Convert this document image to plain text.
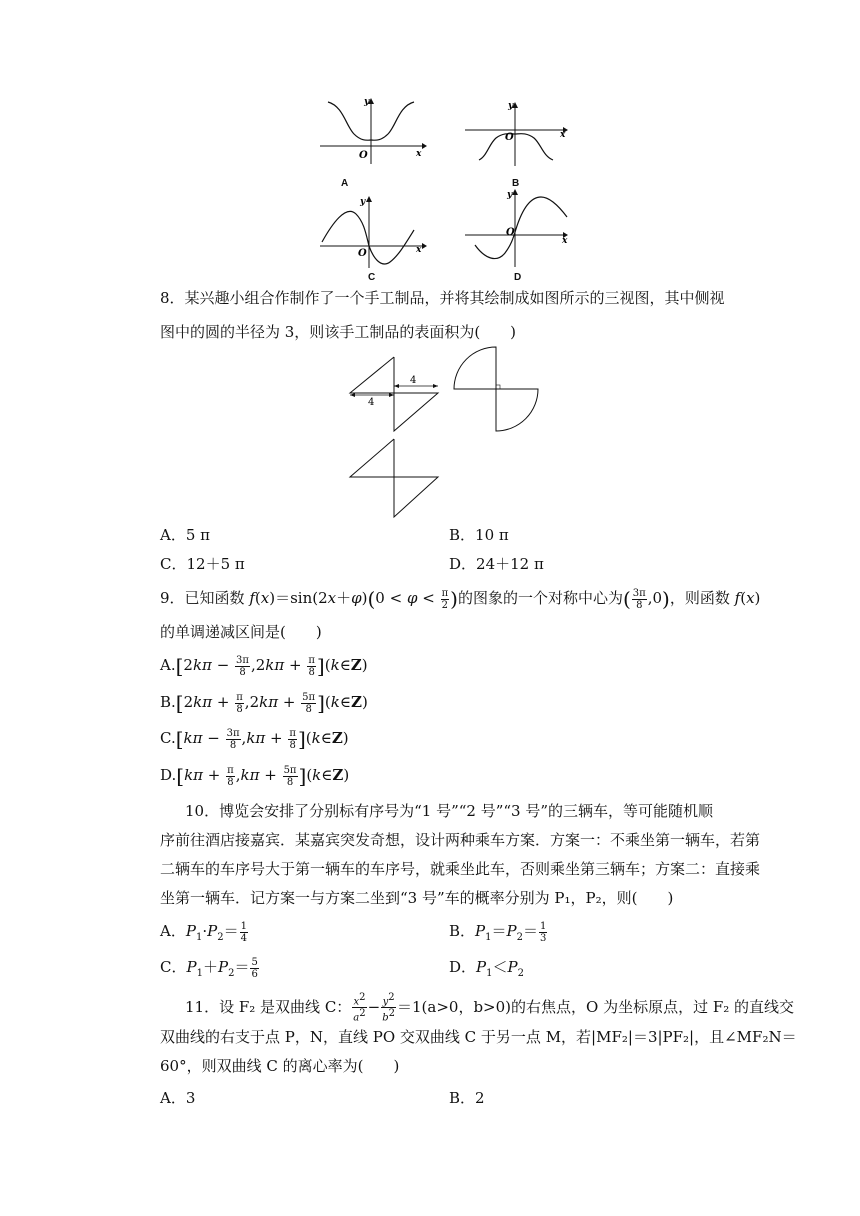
y
x
O
A
y
x
O
B
y
x
O
C
y
x
O
D
8．某兴趣小组合作制作了一个手工制品，并将其绘制成如图所示的三视图，其中侧视
图中的圆的半径为 3，则该手工制品的表面积为(　　)
4
4
A．5 π	B．10 π
C．12＋5 π	D．24＋12 π
9．已知函数 $f(x)=\sin(2x+\varphi)(0 < \varphi < \frac{\pi}{2}$ )的图象的一个对称中心为( $\frac{3\pi}{8} ,0$)，则函数 f(x)
的单调递减区间是(　　)
$A.[2k\pi - \frac{3\pi}{8} ,2k\pi + \frac{\pi}{8}$ ](k∈Z)
$B.[2k\pi + \frac{\pi}{8} ,2k\pi + \frac{5\pi}{8}$ ](k∈Z)
$C.[k\pi - \frac{3\pi}{8} ,k\pi + \frac{\pi}{8}$ ](k∈Z)
$D.[k\pi + \frac{\pi}{8} ,k\pi + \frac{5\pi}{8}$ ](k∈Z)
10．博览会安排了分别标有序号为“1 号”“2 号”“3 号”的三辆车，等可能随机顺
序前往酒店接嘉宾．某嘉宾突发奇想，设计两种乘车方案．方案一：不乘坐第一辆车，若第
二辆车的车序号大于第一辆车的车序号，就乘坐此车，否则乘坐第三辆车；方案二：直接乘
坐第一辆车．记方案一与方案二坐到“3 号”车的概率分别为 P₁，P₂，则(　　)
A．$P_1\cdot P_2= \frac{1}{4}$	B．$P_1=P_2= \frac{1}{3}$
C．$P_1+P_2= \frac{5}{6}$	D．$P_1<P_2$
11．设 F₂ 是双曲线 C： $\frac{x^2}{a^2} - \frac{y^2}{b^2} =1(a>0$，b>0)的右焦点，O 为坐标原点，过 F₂ 的直线交
双曲线的右支于点 P，N，直线 PO 交双曲线 C 于另一点 M，若|MF₂|＝3|PF₂|，且∠MF₂N＝
60°，则双曲线 C 的离心率为(　　)
A．3	B．2
